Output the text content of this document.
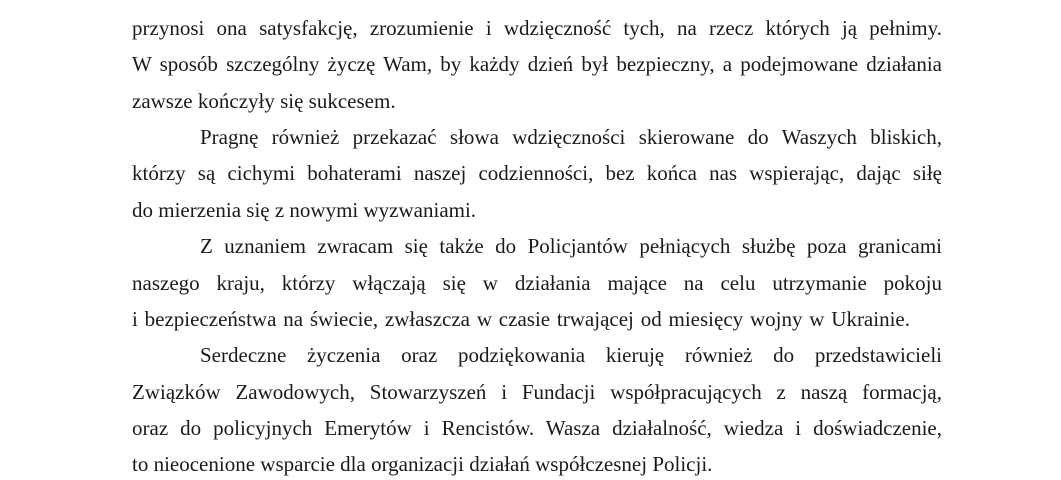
przynosi ona satysfakcję, zrozumienie i wdzięczność tych, na rzecz których ją pełnimy.
W sposób szczególny życzę Wam, by każdy dzień był bezpieczny, a podejmowane działania
zawsze kończyły się sukcesem.
Pragnę również przekazać słowa wdzięczności skierowane do Waszych bliskich,
którzy są cichymi bohaterami naszej codzienności, bez końca nas wspierając, dając siłę
do mierzenia się z nowymi wyzwaniami.
Z uznaniem zwracam się także do Policjantów pełniących służbę poza granicami
naszego kraju, którzy włączają się w działania mające na celu utrzymanie pokoju
i bezpieczeństwa na świecie, zwłaszcza w czasie trwającej od miesięcy wojny w Ukrainie.
Serdeczne życzenia oraz podziękowania kieruję również do przedstawicieli
Związków Zawodowych, Stowarzyszeń i Fundacji współpracujących z naszą formacją,
oraz do policyjnych Emerytów i Rencistów. Wasza działalność, wiedza i doświadczenie,
to nieocenione wsparcie dla organizacji działań współczesnej Policji.
